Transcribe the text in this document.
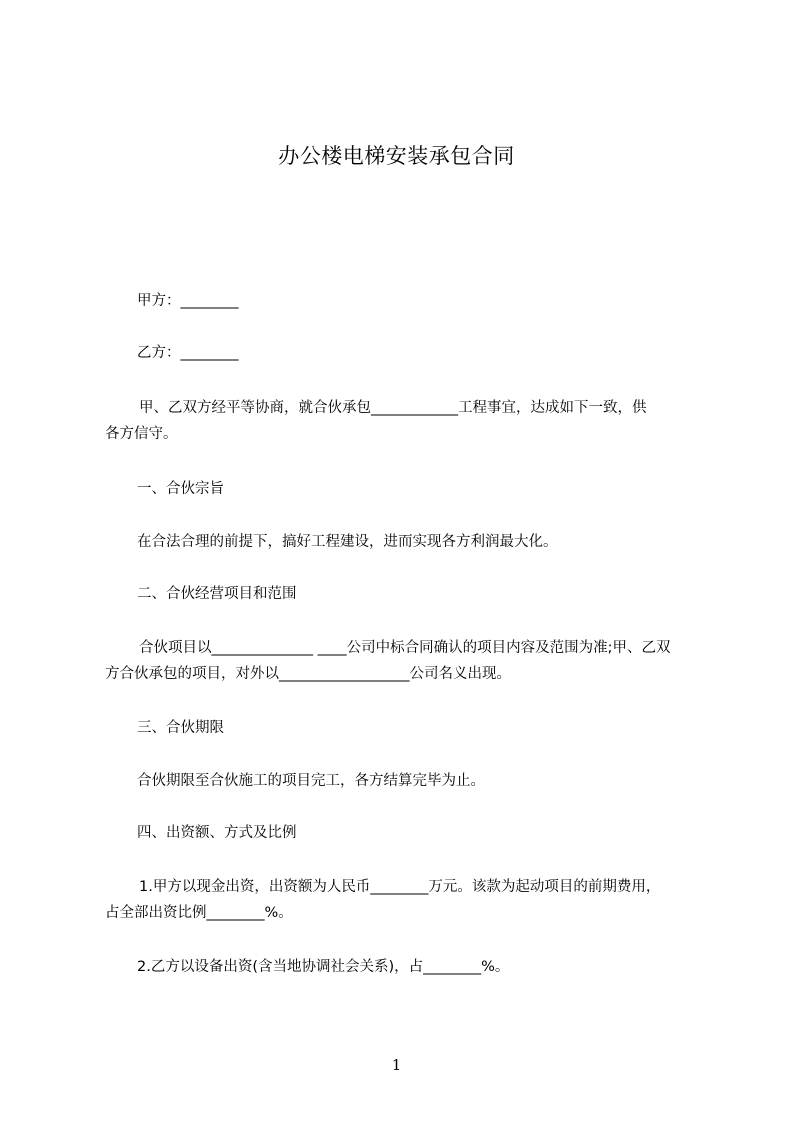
办公楼电梯安装承包合同
甲方：________
乙方：________
甲、乙双方经平等协商，就合伙承包____________工程事宜，达成如下一致，供
各方信守。
一、合伙宗旨
在合法合理的前提下，搞好工程建设，进而实现各方利润最大化。
二、合伙经营项目和范围
合伙项目以______________ ____公司中标合同确认的项目内容及范围为准;甲、乙双
方合伙承包的项目，对外以__________________公司名义出现。
三、合伙期限
合伙期限至合伙施工的项目完工，各方结算完毕为止。
四、出资额、方式及比例
1.甲方以现金出资，出资额为人民币________万元。该款为起动项目的前期费用，
占全部出资比例________%。
2.乙方以设备出资(含当地协调社会关系)，占________%。
1
